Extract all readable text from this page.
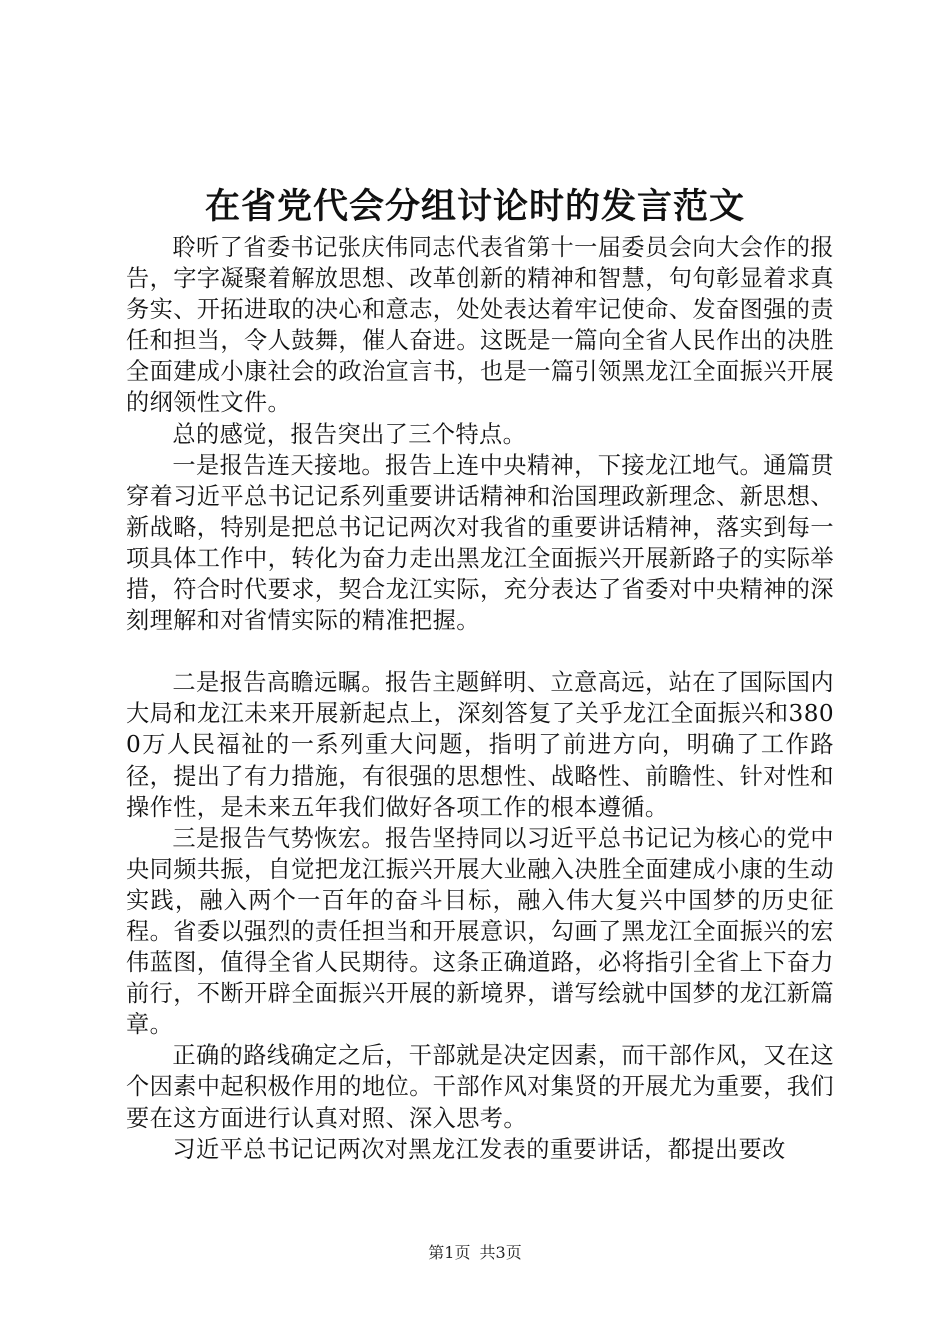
在省党代会分组讨论时的发言范文

聆听了省委书记张庆伟同志代表省第十一届委员会向大会作的报告，字字凝聚着解放思想、改革创新的精神和智慧，句句彰显着求真务实、开拓进取的决心和意志，处处表达着牢记使命、发奋图强的责任和担当，令人鼓舞，催人奋进。这既是一篇向全省人民作出的决胜全面建成小康社会的政治宣言书，也是一篇引领黑龙江全面振兴开展的纲领性文件。

总的感觉，报告突出了三个特点。

一是报告连天接地。报告上连中央精神，下接龙江地气。通篇贯穿着习近平总书记记系列重要讲话精神和治国理政新理念、新思想、新战略，特别是把总书记记两次对我省的重要讲话精神，落实到每一项具体工作中，转化为奋力走出黑龙江全面振兴开展新路子的实际举措，符合时代要求，契合龙江实际，充分表达了省委对中央精神的深刻理解和对省情实际的精准把握。

二是报告高瞻远瞩。报告主题鲜明、立意高远，站在了国际国内大局和龙江未来开展新起点上，深刻答复了关乎龙江全面振兴和3800万人民福祉的一系列重大问题，指明了前进方向，明确了工作路径，提出了有力措施，有很强的思想性、战略性、前瞻性、针对性和操作性，是未来五年我们做好各项工作的根本遵循。

三是报告气势恢宏。报告坚持同以习近平总书记记为核心的党中央同频共振，自觉把龙江振兴开展大业融入决胜全面建成小康的生动实践，融入两个一百年的奋斗目标，融入伟大复兴中国梦的历史征程。省委以强烈的责任担当和开展意识，勾画了黑龙江全面振兴的宏伟蓝图，值得全省人民期待。这条正确道路，必将指引全省上下奋力前行，不断开辟全面振兴开展的新境界，谱写绘就中国梦的龙江新篇章。

正确的路线确定之后，干部就是决定因素，而干部作风，又在这个因素中起积极作用的地位。干部作风对集贤的开展尤为重要，我们要在这方面进行认真对照、深入思考。

习近平总书记记两次对黑龙江发表的重要讲话，都提出要改

第1页 共3页
